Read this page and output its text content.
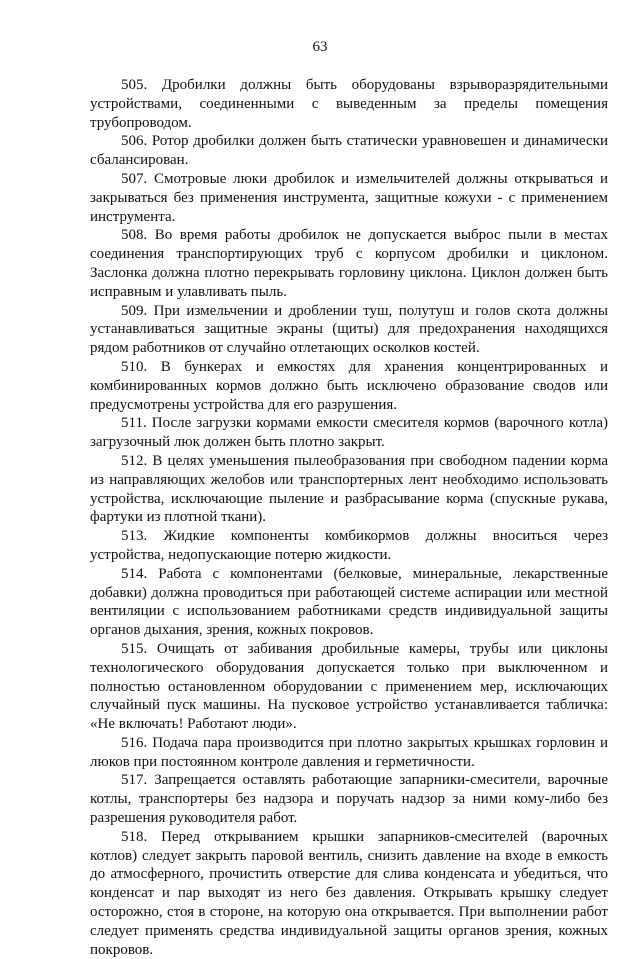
63

505. Дробилки должны быть оборудованы взрыворазрядительными устройствами, соединенными с выведенным за пределы помещения трубопроводом.

506. Ротор дробилки должен быть статически уравновешен и динамически сбалансирован.

507. Смотровые люки дробилок и измельчителей должны открываться и закрываться без применения инструмента, защитные кожухи - с применением инструмента.

508. Во время работы дробилок не допускается выброс пыли в местах соединения транспортирующих труб с корпусом дробилки и циклоном. Заслонка должна плотно перекрывать горловину циклона. Циклон должен быть исправным и улавливать пыль.

509. При измельчении и дроблении туш, полутуш и голов скота должны устанавливаться защитные экраны (щиты) для предохранения находящихся рядом работников от случайно отлетающих осколков костей.

510. В бункерах и емкостях для хранения концентрированных и комбинированных кормов должно быть исключено образование сводов или предусмотрены устройства для его разрушения.

511. После загрузки кормами емкости смесителя кормов (варочного котла) загрузочный люк должен быть плотно закрыт.

512. В целях уменьшения пылеобразования при свободном падении корма из направляющих желобов или транспортерных лент необходимо использовать устройства, исключающие пыление и разбрасывание корма (спускные рукава, фартуки из плотной ткани).

513. Жидкие компоненты комбикормов должны вноситься через устройства, недопускающие потерю жидкости.

514. Работа с компонентами (белковые, минеральные, лекарственные добавки) должна проводиться при работающей системе аспирации или местной вентиляции с использованием работниками средств индивидуальной защиты органов дыхания, зрения, кожных покровов.

515. Очищать от забивания дробильные камеры, трубы или циклоны технологического оборудования допускается только при выключенном и полностью остановленном оборудовании с применением мер, исключающих случайный пуск машины. На пусковое устройство устанавливается табличка: «Не включать! Работают люди».

516. Подача пара производится при плотно закрытых крышках горловин и люков при постоянном контроле давления и герметичности.

517. Запрещается оставлять работающие запарники-смесители, варочные котлы, транспортеры без надзора и поручать надзор за ними кому-либо без разрешения руководителя работ.

518. Перед открыванием крышки запарников-смесителей (варочных котлов) следует закрыть паровой вентиль, снизить давление на входе в емкость до атмосферного, прочистить отверстие для слива конденсата и убедиться, что конденсат и пар выходят из него без давления. Открывать крышку следует осторожно, стоя в стороне, на которую она открывается. При выполнении работ следует применять средства индивидуальной защиты органов зрения, кожных покровов.
